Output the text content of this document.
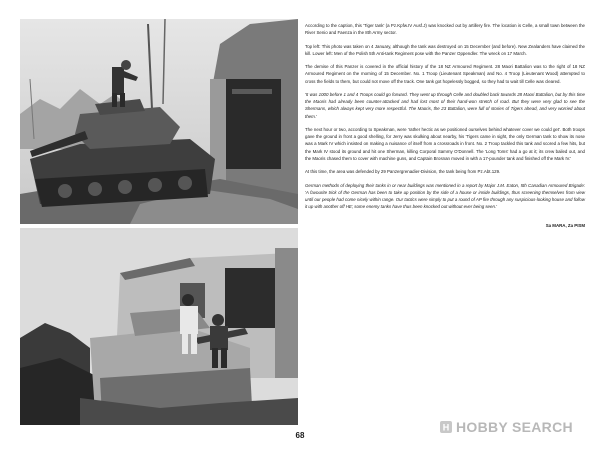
According to the caption, this 'Tiger tank' (a Pz.Kpfw.IV Ausf.J) was knocked out by artillery fire. The location is Celle, a small town between the River Senio and Faenza in the 8th Army sector.

Top left: This photo was taken on 4 January, although the tank was destroyed on 15 December (and before). New Zealanders have claimed the kill. Lower left: Men of the Polish 5th Anti-tank Regiment pose with the Panzer Oppendler. The wreck on 17 March.

The demise of this Panzer is covered in the official history of the 18 NZ Armoured Regiment. 28 Maori Battalion was to the right of 18 NZ Armoured Regiment on the morning of 15 December. No. 1 Troop (Lieutenant Speakman) and No. 4 Troop (Lieutenant Wood) attempted to cross the fields to them, but could not move off the track. One tank got hopelessly bogged, so they had to wait till Celle was cleared.

'It was 1000 before 1 and 4 Troops could go forward. They went up through Celle and doubled back towards 28 Maori Battalion, but by this time the Maoris had already been counter-attacked and had lost most of their hand-won stretch of road. But they were very glad to see the Shermans, which always kept very more respectful. The Maoris, the 23 Battalion, were full of stories of Tigers ahead, and very worried about them.'

The next hour or two, according to Speakman, were 'rather hectic as we positioned ourselves behind whatever cover we could get'. Both troops gave the ground in front a good shelling, for Jerry was skulking about nearby, his 'Tigers came in sight, the only German tank to show its nose was a Mark IV which insisted on making a nuisance of itself from a crossroads in front. No. 2 Troop tackled this tank and scored a few hits, but the Mark IV stood its ground and hit one Sherman, killing Corporal Sammy O'Donnell. The 'Long Toms' had a go at it; its crew bailed out, and the Maoris chased them to cover with machine guns, and Captain Brosnan moved in with a 17-pounder tank and finished off the Mark IV.'

At this time, the area was defended by 29 Panzergrenadier-Division, the tank being from Pz.Abt.129.

German methods of deploying their tanks in or near buildings was mentioned in a report by Major J.M. Eaton, 5th Canadian Armoured Brigade: 'A favourite trick of the German has been to take up position by the side of a house or inside buildings, thus screening themselves from view until our people had come nicely within range. Our tactics were simply to put a round of AP fire through any suspicious-looking house and follow it up with another off HE; some enemy tanks have thus been knocked out without ever being seen.'

Sa MARA, Za PISM

68
H HOBBY SEARCH
